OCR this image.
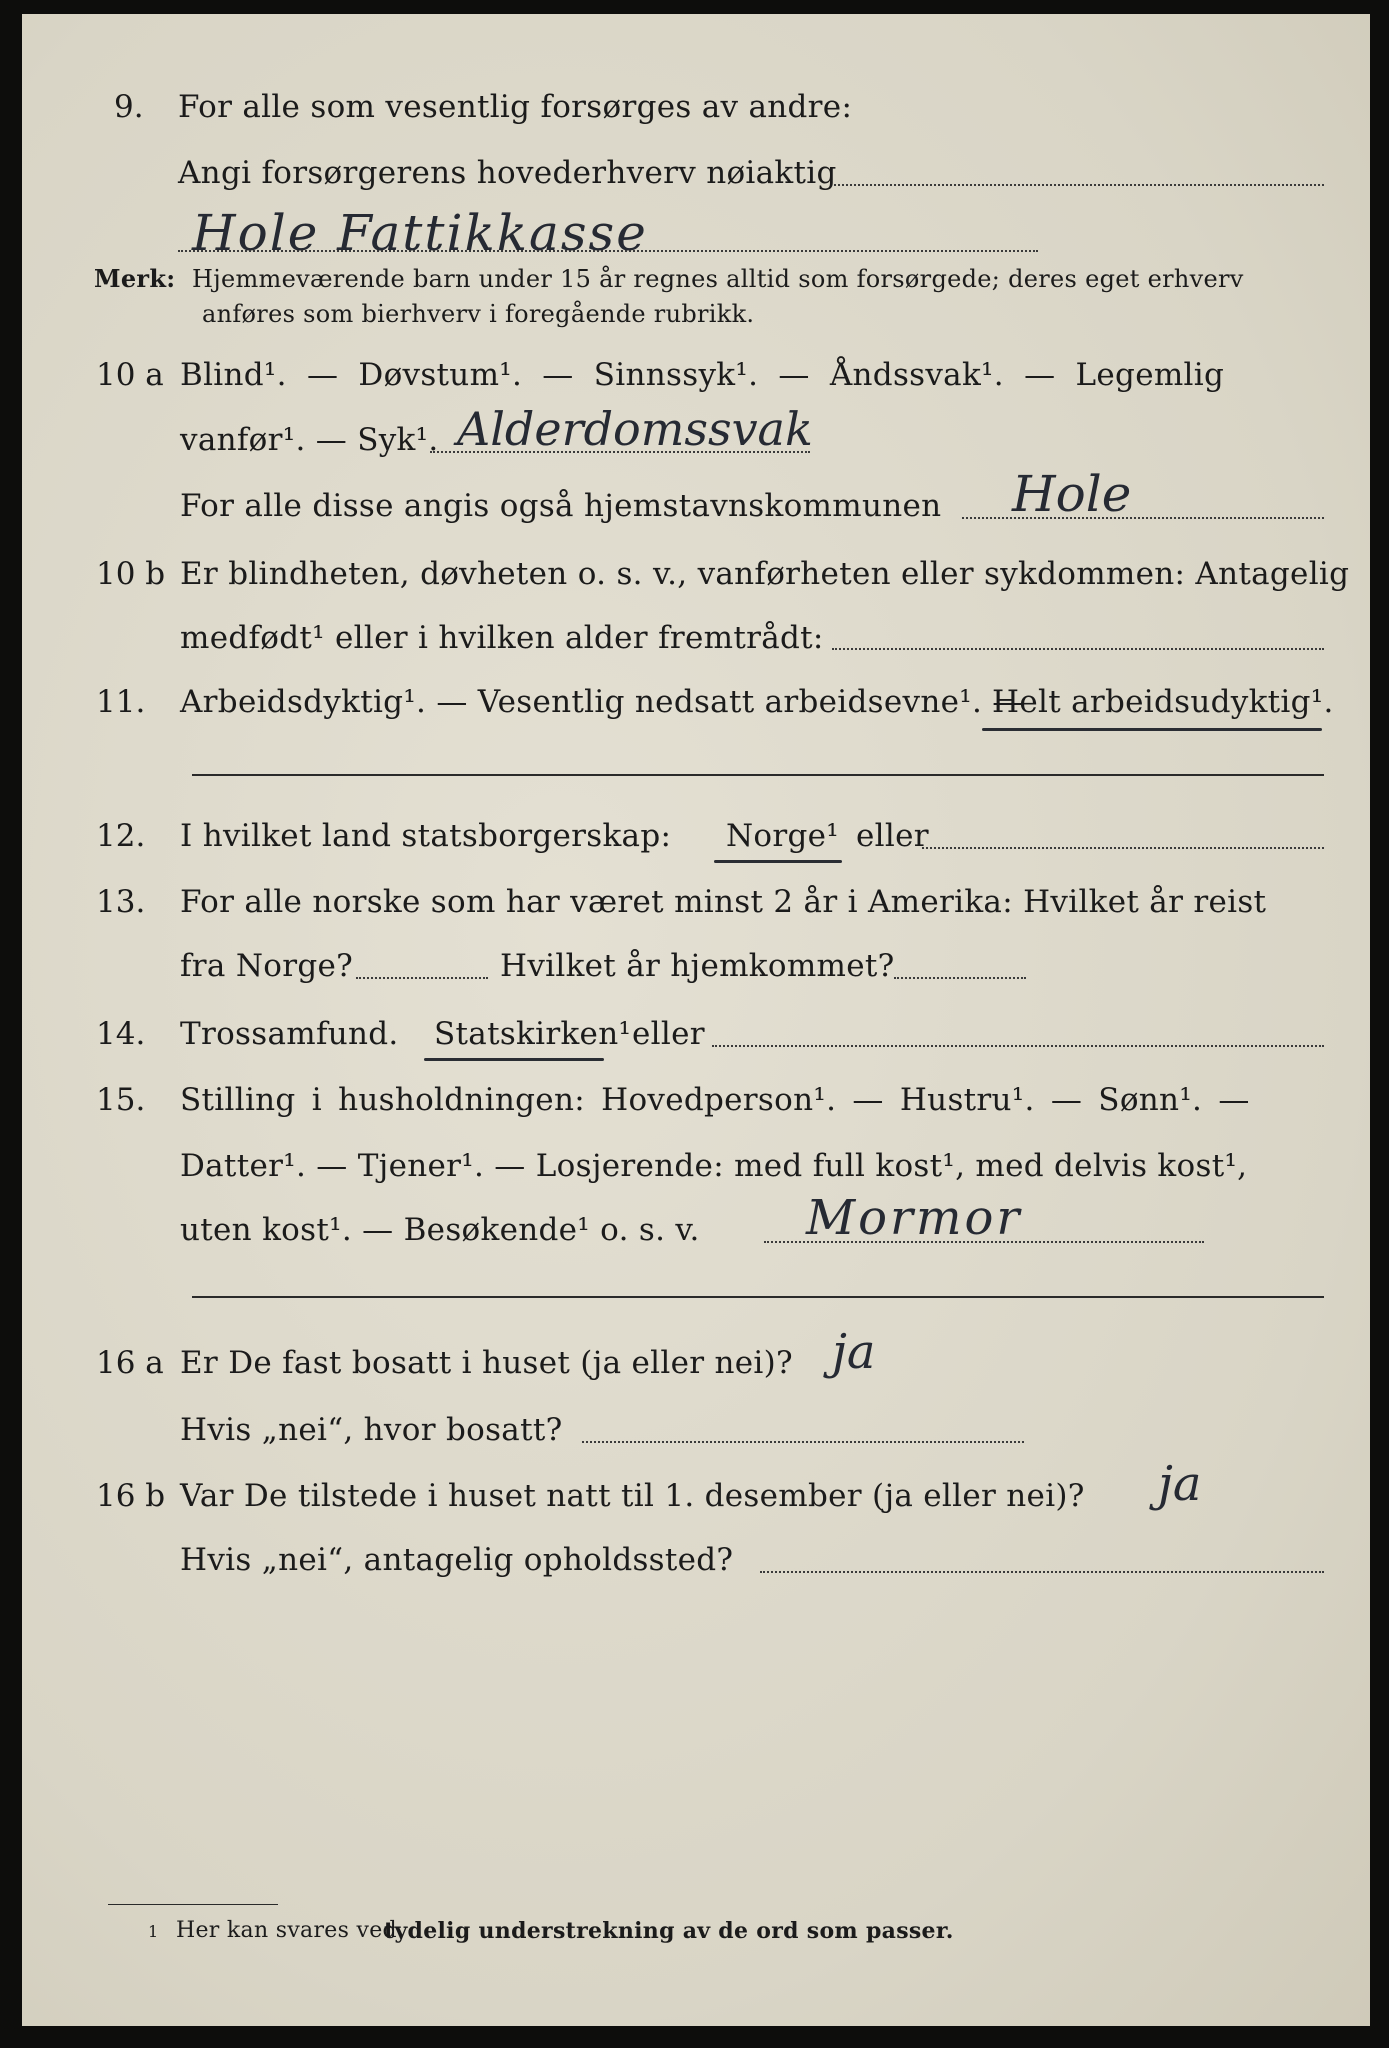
9. For alle som vesentlig forsørges av andre:
Angi forsørgerens hovederhverv nøiaktig
Hole Fattikkasse
Merk: Hjemmeværende barn under 15 år regnes alltid som forsørgede; deres eget erhverv
anføres som bierhverv i foregående rubrikk.
10 a Blind¹. — Døvstum¹. — Sinnssyk¹. — Åndssvak¹. — Legemlig
vanfør¹. — Syk¹. Alderdomssvak
For alle disse angis også hjemstavnskommunen Hole
10 b Er blindheten, døvheten o. s. v., vanførheten eller sykdommen: Antagelig
medfødt¹ eller i hvilken alder fremtrådt:
11. Arbeidsdyktig¹. — Vesentlig nedsatt arbeidsevne¹. —
Helt arbeidsudyktig¹.
12. I hvilket land statsborgerskap: Norge¹ eller
13. For alle norske som har været minst 2 år i Amerika: Hvilket år reist
fra Norge?	Hvilket år hjemkommet?
14. Trossamfund. Statskirken¹ eller
15. Stilling i husholdningen: Hovedperson¹. — Hustru¹. — Sønn¹. —
Datter¹. — Tjener¹. — Losjerende: med full kost¹, med delvis kost¹,
uten kost¹. — Besøkende¹ o. s. v. Mormor
16 a Er De fast bosatt i huset (ja eller nei)? ja
Hvis „nei“, hvor bosatt?
16 b Var De tilstede i huset natt til 1. desember (ja eller nei)? ja
Hvis „nei“, antagelig opholdssted?
1 Her kan svares ved
tydelig understrekning av de ord som passer.
